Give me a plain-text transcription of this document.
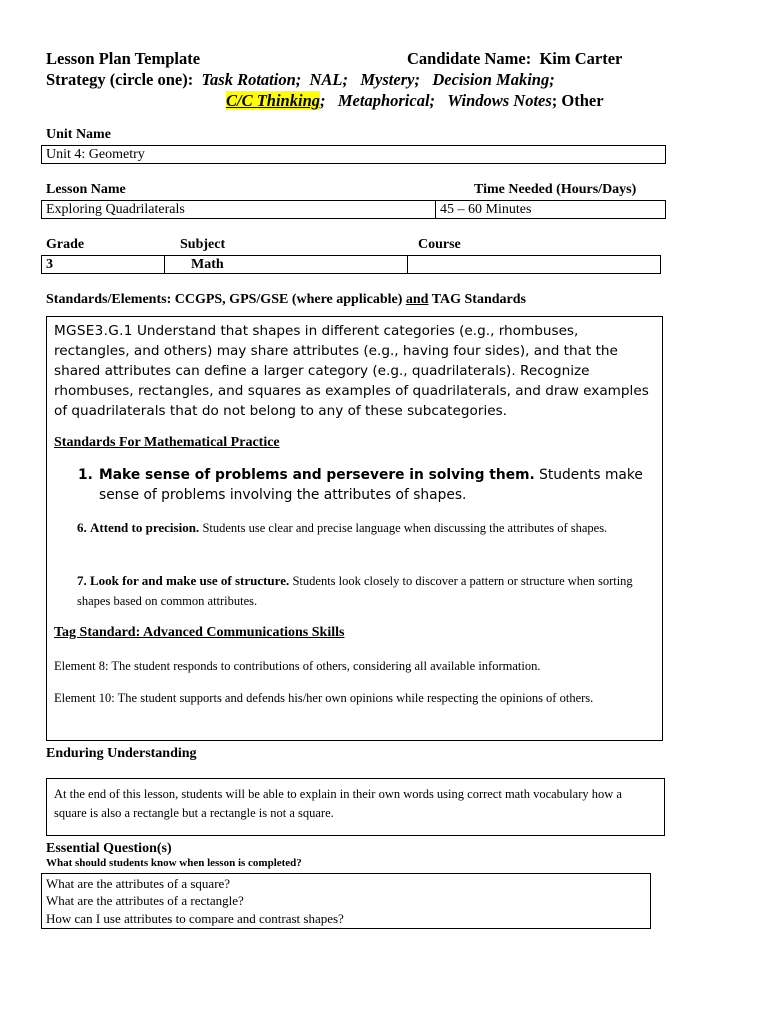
Lesson Plan Template	Candidate Name: Kim Carter
Strategy (circle one): Task Rotation; NAL; Mystery; Decision Making;
C/C Thinking; Metaphorical; Windows Notes; Other
Unit Name
Unit 4: Geometry
Lesson Name	Time Needed (Hours/Days)
Exploring Quadrilaterals	45 – 60 Minutes
Grade	Subject	Course
3	Math
Standards/Elements: CCGPS, GPS/GSE (where applicable) and TAG Standards
MGSE3.G.1 Understand that shapes in different categories (e.g., rhombuses, rectangles, and others) may share attributes (e.g., having four sides), and that the shared attributes can define a larger category (e.g., quadrilaterals). Recognize rhombuses, rectangles, and squares as examples of quadrilaterals, and draw examples of quadrilaterals that do not belong to any of these subcategories.
Standards For Mathematical Practice
1. Make sense of problems and persevere in solving them. Students make sense of problems involving the attributes of shapes.
6. Attend to precision. Students use clear and precise language when discussing the attributes of shapes.
7. Look for and make use of structure. Students look closely to discover a pattern or structure when sorting shapes based on common attributes.
Tag Standard: Advanced Communications Skills
Element 8: The student responds to contributions of others, considering all available information.
Element 10: The student supports and defends his/her own opinions while respecting the opinions of others.
Enduring Understanding
At the end of this lesson, students will be able to explain in their own words using correct math vocabulary how a square is also a rectangle but a rectangle is not a square.
Essential Question(s)
What should students know when lesson is completed?
What are the attributes of a square?
What are the attributes of a rectangle?
How can I use attributes to compare and contrast shapes?
